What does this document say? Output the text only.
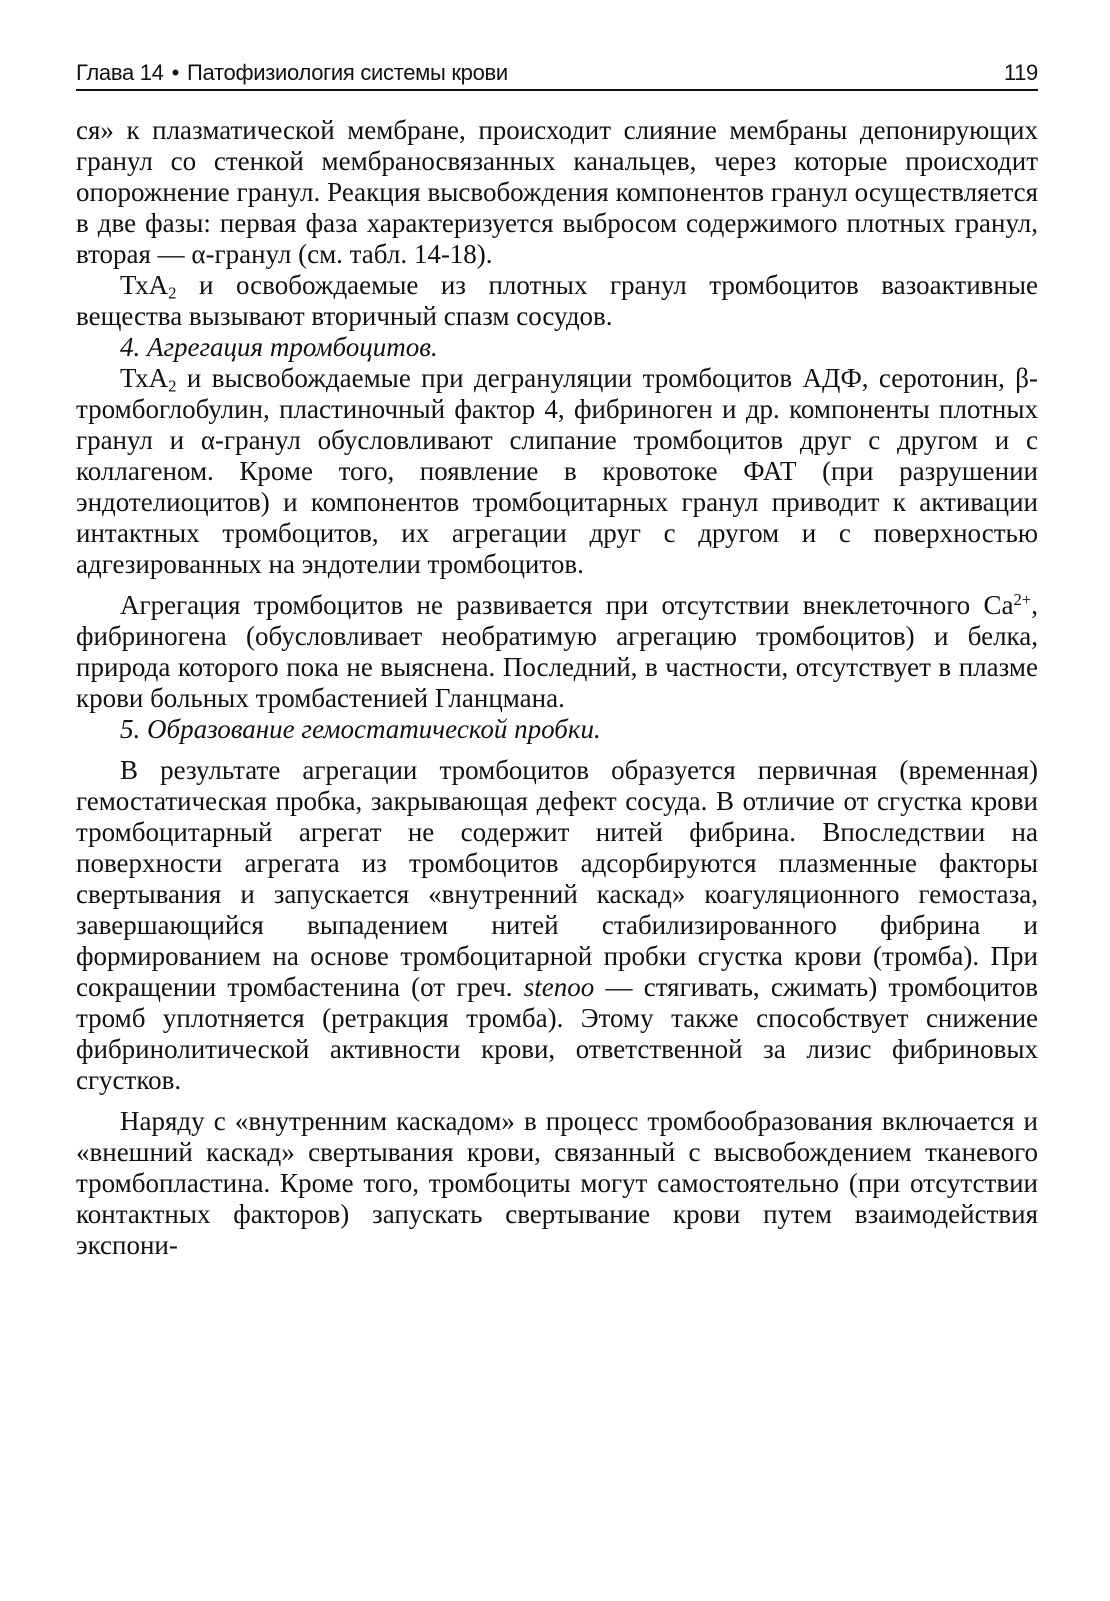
Глава 14 • Патофизиология системы крови	119

ся» к плазматической мембране, происходит слияние мембраны депонирующих гранул со стенкой мембраносвязанных канальцев, через которые происходит опорожнение гранул. Реакция высвобождения компонентов гранул осуществляется в две фазы: первая фаза характеризуется выбросом содержимого плотных гранул, вторая — α-гранул (см. табл. 14-18).

ТхА$_2$ и освобождаемые из плотных гранул тромбоцитов вазоактивные вещества вызывают вторичный спазм сосудов.

4. Агрегация тромбоцитов.

ТхА$_2$ и высвобождаемые при дегрануляции тромбоцитов АДФ, серотонин, β-тромбоглобулин, пластиночный фактор 4, фибриноген и др. компоненты плотных гранул и α-гранул обусловливают слипание тромбоцитов друг с другом и с коллагеном. Кроме того, появление в кровотоке ФАТ (при разрушении эндотелиоцитов) и компонентов тромбоцитарных гранул приводит к активации интактных тромбоцитов, их агрегации друг с другом и с поверхностью адгезированных на эндотелии тромбоцитов.

Агрегация тромбоцитов не развивается при отсутствии внеклеточного $Са^{2+}$, фибриногена (обусловливает необратимую агрегацию тромбоцитов) и белка, природа которого пока не выяснена. Последний, в частности, отсутствует в плазме крови больных тромбастенией Гланцмана.

5. Образование гемостатической пробки.

В результате агрегации тромбоцитов образуется первичная (временная) гемостатическая пробка, закрывающая дефект сосуда. В отличие от сгустка крови тромбоцитарный агрегат не содержит нитей фибрина. Впоследствии на поверхности агрегата из тромбоцитов адсорбируются плазменные факторы свертывания и запускается «внутренний каскад» коагуляционного гемостаза, завершающийся выпадением нитей стабилизированного фибрина и формированием на основе тромбоцитарной пробки сгустка крови (тромба). При сокращении тромбастенина (от греч. stenoo — стягивать, сжимать) тромбоцитов тромб уплотняется (ретракция тромба). Этому также способствует снижение фибринолитической активности крови, ответственной за лизис фибриновых сгустков.

Наряду с «внутренним каскадом» в процесс тромбообразования включается и «внешний каскад» свертывания крови, связанный с высвобождением тканевого тромбопластина. Кроме того, тромбоциты могут самостоятельно (при отсутствии контактных факторов) запускать свертывание крови путем взаимодействия экспони-
